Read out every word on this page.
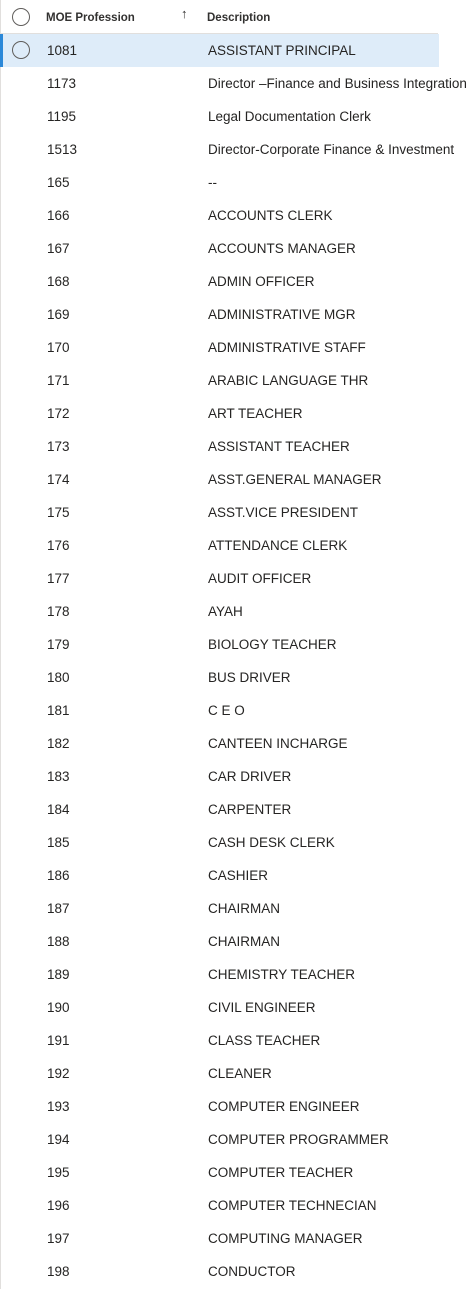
MOE Profession	↑ Description
1081	ASSISTANT PRINCIPAL
1173	Director –Finance and Business Integration
1195	Legal Documentation Clerk
1513	Director-Corporate Finance & Investment
165	--
166	ACCOUNTS CLERK
167	ACCOUNTS MANAGER
168	ADMIN OFFICER
169	ADMINISTRATIVE MGR
170	ADMINISTRATIVE STAFF
171	ARABIC LANGUAGE THR
172	ART TEACHER
173	ASSISTANT TEACHER
174	ASST.GENERAL MANAGER
175	ASST.VICE PRESIDENT
176	ATTENDANCE CLERK
177	AUDIT OFFICER
178	AYAH
179	BIOLOGY TEACHER
180	BUS DRIVER
181	C E O
182	CANTEEN INCHARGE
183	CAR DRIVER
184	CARPENTER
185	CASH DESK CLERK
186	CASHIER
187	CHAIRMAN
188	CHAIRMAN
189	CHEMISTRY TEACHER
190	CIVIL ENGINEER
191	CLASS TEACHER
192	CLEANER
193	COMPUTER ENGINEER
194	COMPUTER PROGRAMMER
195	COMPUTER TEACHER
196	COMPUTER TECHNECIAN
197	COMPUTING MANAGER
198	CONDUCTOR
